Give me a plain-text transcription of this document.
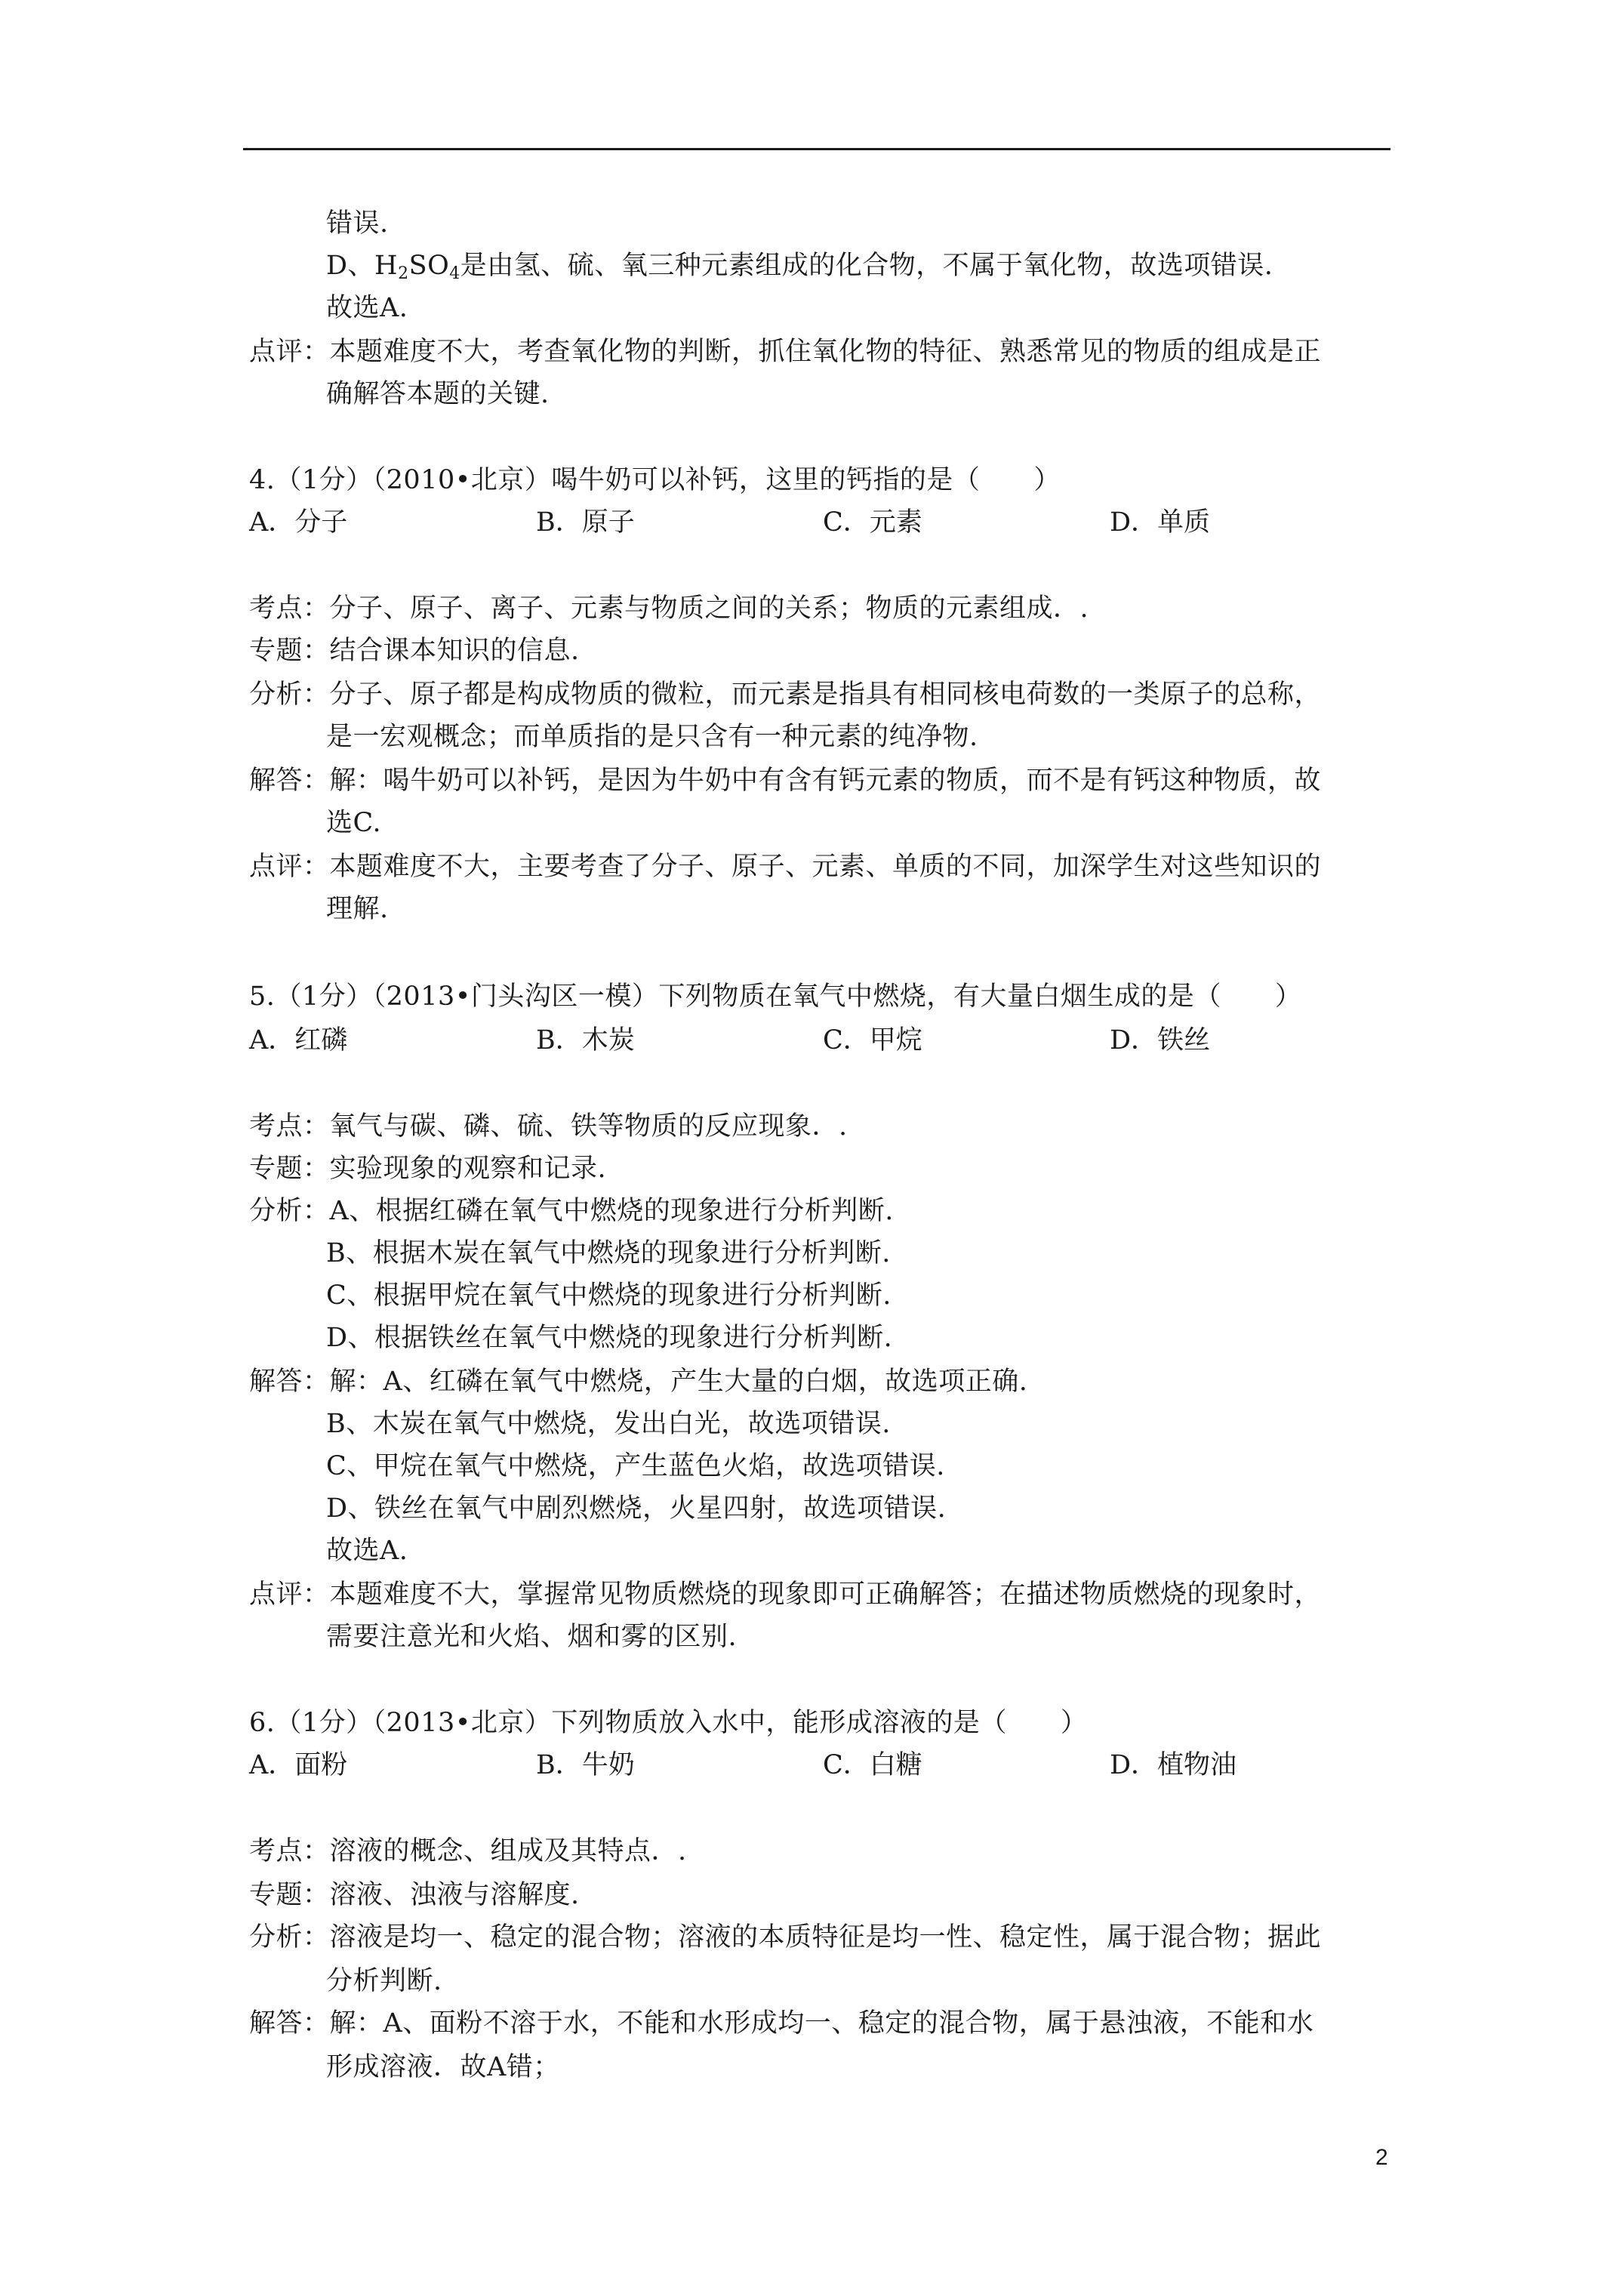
错误.
D、$H_2SO_4$是由氢、硫、氧三种元素组成的化合物，不属于氧化物，故选项错误.
故选A.
点评：本题难度不大，考查氧化物的判断，抓住氧化物的特征、熟悉常见的物质的组成是正
确解答本题的关键.
4.（1分）（2010•北京）喝牛奶可以补钙，这里的钙指的是（　　）
A．分子	B．原子	C．元素	D．单质
考点：分子、原子、离子、元素与物质之间的关系；物质的元素组成．.
专题：结合课本知识的信息.
分析：分子、原子都是构成物质的微粒，而元素是指具有相同核电荷数的一类原子的总称，
是一宏观概念；而单质指的是只含有一种元素的纯净物.
解答：解：喝牛奶可以补钙，是因为牛奶中有含有钙元素的物质，而不是有钙这种物质，故
选C.
点评：本题难度不大，主要考查了分子、原子、元素、单质的不同，加深学生对这些知识的
理解.
5.（1分）（2013•门头沟区一模）下列物质在氧气中燃烧，有大量白烟生成的是（　　）
A．红磷	B．木炭	C．甲烷	D．铁丝
考点：氧气与碳、磷、硫、铁等物质的反应现象．.
专题：实验现象的观察和记录.
分析：A、根据红磷在氧气中燃烧的现象进行分析判断.
B、根据木炭在氧气中燃烧的现象进行分析判断.
C、根据甲烷在氧气中燃烧的现象进行分析判断.
D、根据铁丝在氧气中燃烧的现象进行分析判断.
解答：解：A、红磷在氧气中燃烧，产生大量的白烟，故选项正确.
B、木炭在氧气中燃烧，发出白光，故选项错误.
C、甲烷在氧气中燃烧，产生蓝色火焰，故选项错误.
D、铁丝在氧气中剧烈燃烧，火星四射，故选项错误.
故选A.
点评：本题难度不大，掌握常见物质燃烧的现象即可正确解答；在描述物质燃烧的现象时，
需要注意光和火焰、烟和雾的区别.
6.（1分）（2013•北京）下列物质放入水中，能形成溶液的是（　　）
A．面粉	B．牛奶	C．白糖	D．植物油
考点：溶液的概念、组成及其特点．.
专题：溶液、浊液与溶解度.
分析：溶液是均一、稳定的混合物；溶液的本质特征是均一性、稳定性，属于混合物；据此
分析判断.
解答：解：A、面粉不溶于水，不能和水形成均一、稳定的混合物，属于悬浊液，不能和水
形成溶液．故A错；
2
